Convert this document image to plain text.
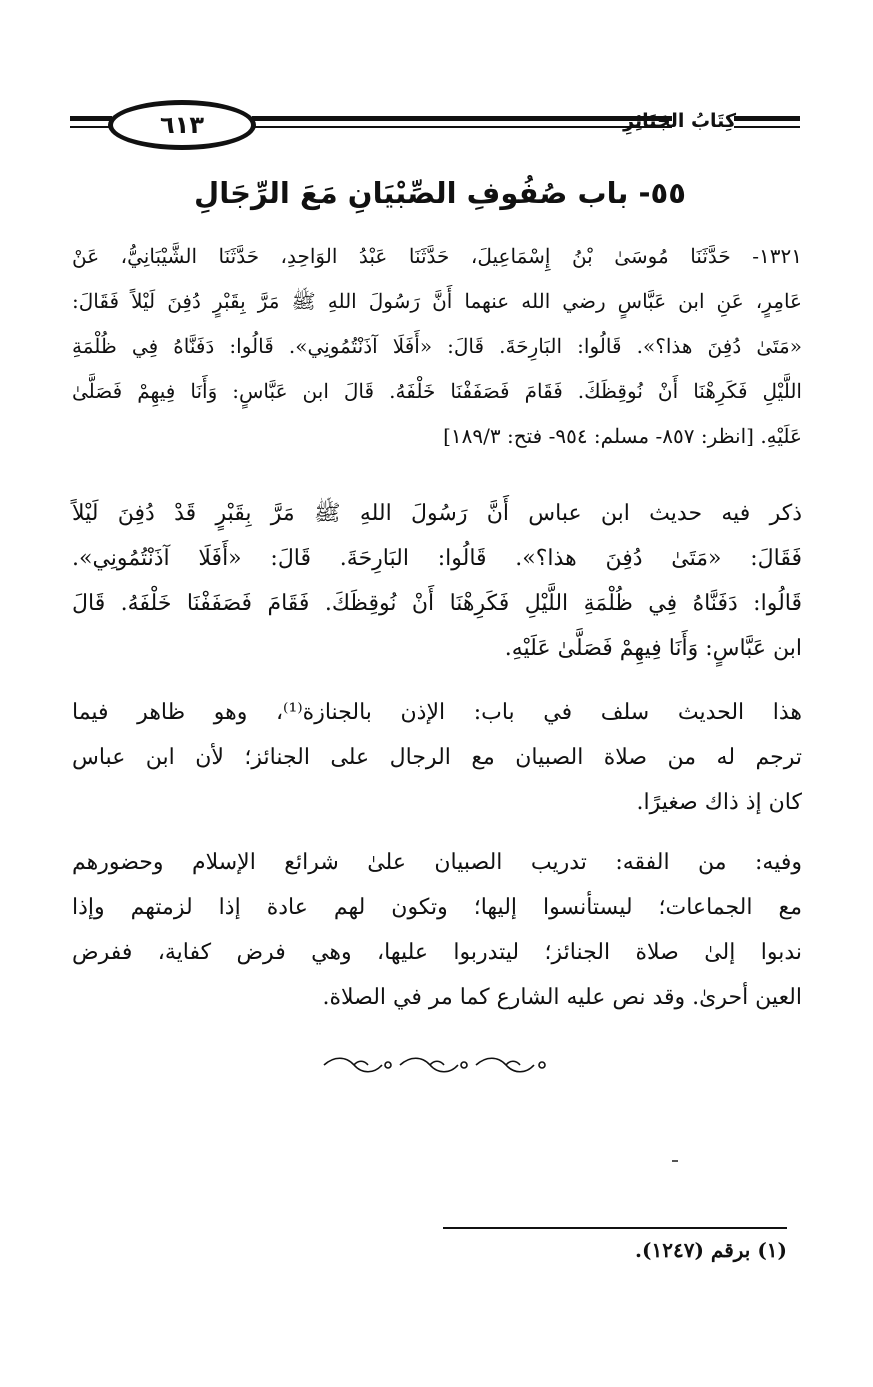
٦١٣	كِتَابُ الجَنَائِزِ
٥٥- باب صُفُوفِ الصِّبْيَانِ مَعَ الرِّجَالِ
١٣٢١- حَدَّثَنَا مُوسَىٰ بْنُ إِسْمَاعِيلَ، حَدَّثَنَا عَبْدُ الوَاحِدِ، حَدَّثَنَا الشَّيْبَانِيُّ، عَنْ
عَامِرٍ، عَنِ ابن عَبَّاسٍ رضي الله عنهما أَنَّ رَسُولَ اللهِ ﷺ مَرَّ بِقَبْرٍ دُفِنَ لَيْلاً فَقَالَ:
«مَتَىٰ دُفِنَ هذا؟». قَالُوا: البَارِحَةَ. قَالَ: «أَفَلَا آذَنْتُمُونِي». قَالُوا: دَفَنَّاهُ فِي ظُلْمَةِ
اللَّيْلِ فَكَرِهْنَا أَنْ نُوقِظَكَ. فَقَامَ فَصَفَفْنَا خَلْفَهُ. قَالَ ابن عَبَّاسٍ: وَأَنَا فِيهِمْ فَصَلَّىٰ
عَلَيْهِ. [انظر: ٨٥٧- مسلم: ٩٥٤- فتح: ١٨٩/٣]
ذكر فيه حديث ابن عباس أَنَّ رَسُولَ اللهِ ﷺ مَرَّ بِقَبْرٍ قَدْ دُفِنَ لَيْلاً
فَقَالَ: «مَتَىٰ دُفِنَ هذا؟». قَالُوا: البَارِحَةَ. قَالَ: «أَفَلَا آذَنْتُمُونِي».
قَالُوا: دَفَنَّاهُ فِي ظُلْمَةِ اللَّيْلِ فَكَرِهْنَا أَنْ نُوقِظَكَ. فَقَامَ فَصَفَفْنَا خَلْفَهُ. قَالَ
ابن عَبَّاسٍ: وَأَنَا فِيهِمْ فَصَلَّىٰ عَلَيْهِ.
هذا الحديث سلف في باب: الإذن بالجنازة⁽¹⁾، وهو ظاهر فيما
ترجم له من صلاة الصبيان مع الرجال على الجنائز؛ لأن ابن عباس
كان إذ ذاك صغيرًا.
وفيه: من الفقه: تدريب الصبيان علىٰ شرائع الإسلام وحضورهم
مع الجماعات؛ ليستأنسوا إليها؛ وتكون لهم عادة إذا لزمتهم وإذا
ندبوا إلىٰ صلاة الجنائز؛ ليتدربوا عليها، وهي فرض كفاية، ففرض
العين أحرىٰ. وقد نص عليه الشارع كما مر في الصلاة.
(١) برقم (١٢٤٧).
